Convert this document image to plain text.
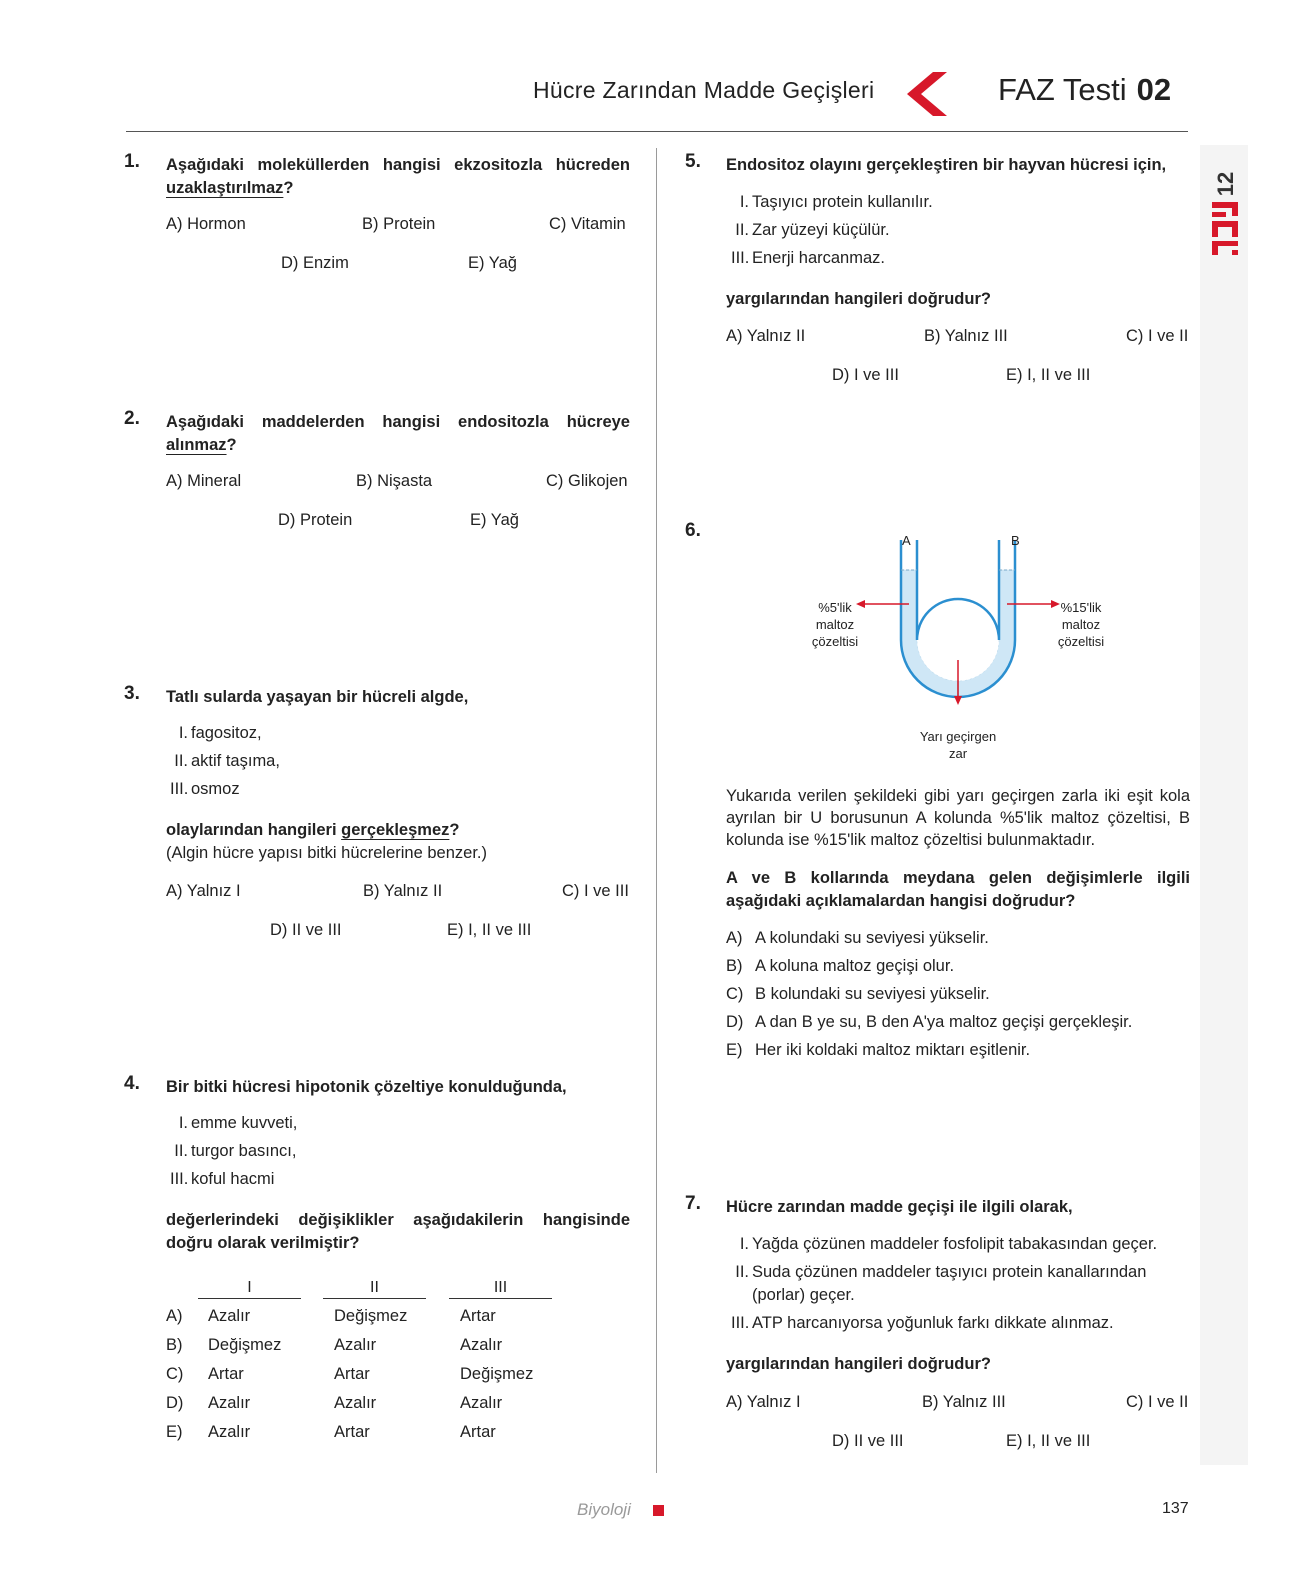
Hücre Zarından Madde Geçişleri	FAZ Testi 02
12
1. Aşağıdaki moleküllerden hangisi ekzositozla hücreden
uzaklaştırılmaz?
A) Hormon	B) Protein	C) Vitamin
D) Enzim	E) Yağ
2. Aşağıdaki maddelerden hangisi endositozla hücreye
alınmaz?
A) Mineral	B) Nişasta	C) Glikojen
D) Protein	E) Yağ
3. Tatlı sularda yaşayan bir hücreli algde,
I. fagositoz,
II. aktif taşıma,
III. osmoz
olaylarından hangileri gerçekleşmez?
(Algin hücre yapısı bitki hücrelerine benzer.)
A) Yalnız I	B) Yalnız II	C) I ve III
D) II ve III	E) I, II ve III
4. Bir bitki hücresi hipotonik çözeltiye konulduğunda,
I. emme kuvveti,
II. turgor basıncı,
III. koful hacmi
değerlerindeki değişiklikler aşağıdakilerin hangisinde doğru olarak verilmiştir?
I	II	III
A) Azalır	Değişmez	Artar
B) Değişmez	Azalır	Azalır
C) Artar	Artar	Değişmez
D) Azalır	Azalır	Azalır
E) Azalır	Artar	Artar
5. Endositoz olayını gerçekleştiren bir hayvan hücresi için,
I. Taşıyıcı protein kullanılır.
II. Zar yüzeyi küçülür.
III. Enerji harcanmaz.
yargılarından hangileri doğrudur?
A) Yalnız II	B) Yalnız III	C) I ve II
D) I ve III	E) I, II ve III
6.	A	B
%5'lik
maltoz
çözeltisi
%15'lik
maltoz
çözeltisi
Yarı geçirgen
zar
Yukarıda verilen şekildeki gibi yarı geçirgen zarla iki eşit kola ayrılan bir U borusunun A kolunda %5'lik maltoz çözeltisi, B kolunda ise %15'lik maltoz çözeltisi bulunmaktadır.
A ve B kollarında meydana gelen değişimlerle ilgili aşağıdaki açıklamalardan hangisi doğrudur?
A) A kolundaki su seviyesi yükselir.
B) A koluna maltoz geçişi olur.
C) B kolundaki su seviyesi yükselir.
D) A dan B ye su, B den A'ya maltoz geçişi gerçekleşir.
E) Her iki koldaki maltoz miktarı eşitlenir.
7. Hücre zarından madde geçişi ile ilgili olarak,
I. Yağda çözünen maddeler fosfolipit tabakasından geçer.
II. Suda çözünen maddeler taşıyıcı protein kanallarından
(porlar) geçer.
III. ATP harcanıyorsa yoğunluk farkı dikkate alınmaz.
yargılarından hangileri doğrudur?
A) Yalnız I	B) Yalnız III	C) I ve II
D) II ve III	E) I, II ve III
Biyoloji	137
